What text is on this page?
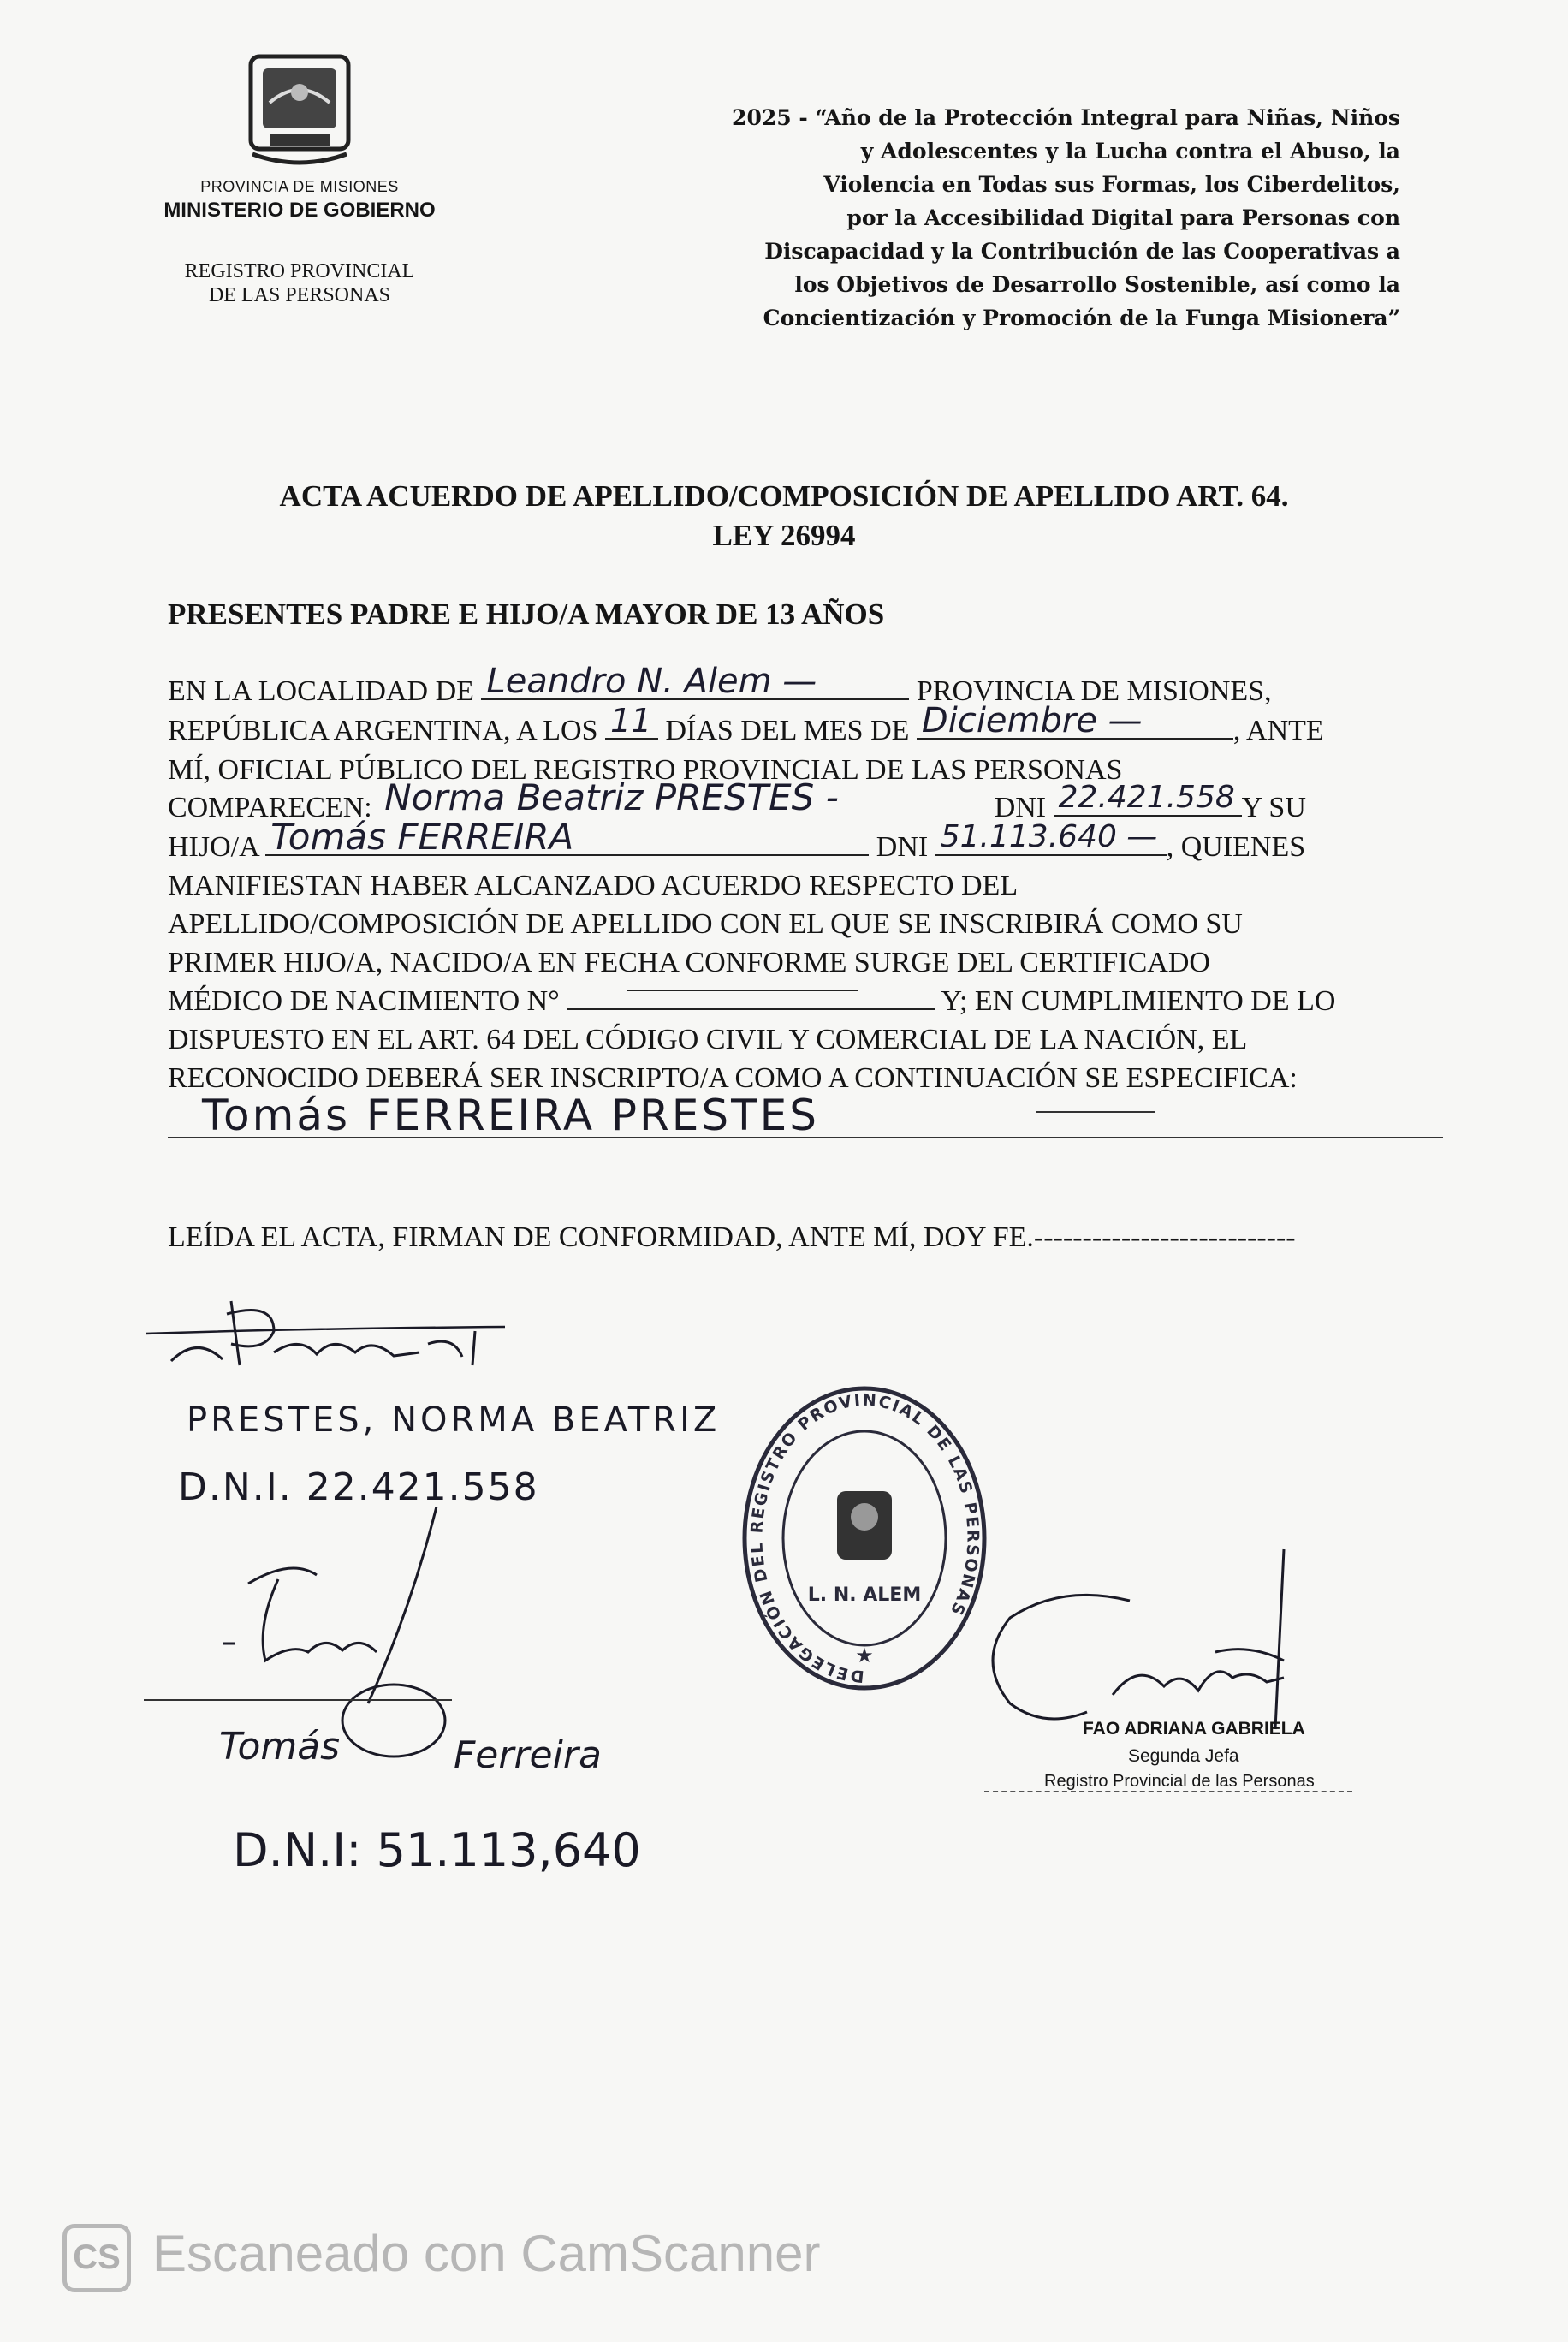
PROVINCIA DE MISIONES
MINISTERIO DE GOBIERNO
REGISTRO PROVINCIAL
DE LAS PERSONAS
2025 - “Año de la Protección Integral para Niñas, Niños
y Adolescentes y la Lucha contra el Abuso, la
Violencia en Todas sus Formas, los Ciberdelitos,
por la Accesibilidad Digital para Personas con
Discapacidad y la Contribución de las Cooperativas a
los Objetivos de Desarrollo Sostenible, así como la
Concientización y Promoción de la Funga Misionera”
ACTA ACUERDO DE APELLIDO/COMPOSICIÓN DE APELLIDO ART. 64.
LEY 26994
PRESENTES PADRE E HIJO/A MAYOR DE 13 AÑOS
EN LA LOCALIDAD DE Leandro N. Alem —	PROVINCIA DE MISIONES,
REPÚBLICA ARGENTINA, A LOS 11 DÍAS DEL MES DE Diciembre —	, ANTE
MÍ, OFICIAL PÚBLICO DEL REGISTRO PROVINCIAL DE LAS PERSONAS
COMPARECEN: Norma Beatriz PRESTES -	DNI 22.421.558 Y SU
HIJO/A Tomás FERREIRA	DNI 51.113.640 — , QUIENES
MANIFIESTAN HABER ALCANZADO ACUERDO RESPECTO DEL
APELLIDO/COMPOSICIÓN DE APELLIDO CON EL QUE SE INSCRIBIRÁ COMO SU
PRIMER HIJO/A, NACIDO/A EN FECHA CONFORME SURGE DEL CERTIFICADO
MÉDICO DE NACIMIENTO N°	Y; EN CUMPLIMIENTO DE LO
DISPUESTO EN EL ART. 64 DEL CÓDIGO CIVIL Y COMERCIAL DE LA NACIÓN, EL
RECONOCIDO DEBERÁ SER INSCRIPTO/A COMO A CONTINUACIÓN SE ESPECIFICA:
Tomás FERREIRA PRESTES
LEÍDA EL ACTA, FIRMAN DE CONFORMIDAD, ANTE MÍ, DOY FE.---------------------------
PRESTES, NORMA BEATRIZ
D.N.I. 22.421.558
Tomás	Ferreira
D.N.I: 51.113,640
DELEGACIÓN DEL REGISTRO PROVINCIAL DE LAS PERSONAS
L. N. ALEM
★
FAO ADRIANA GABRIELA
Segunda Jefa
Registro Provincial de las Personas
CS Escaneado con CamScanner
